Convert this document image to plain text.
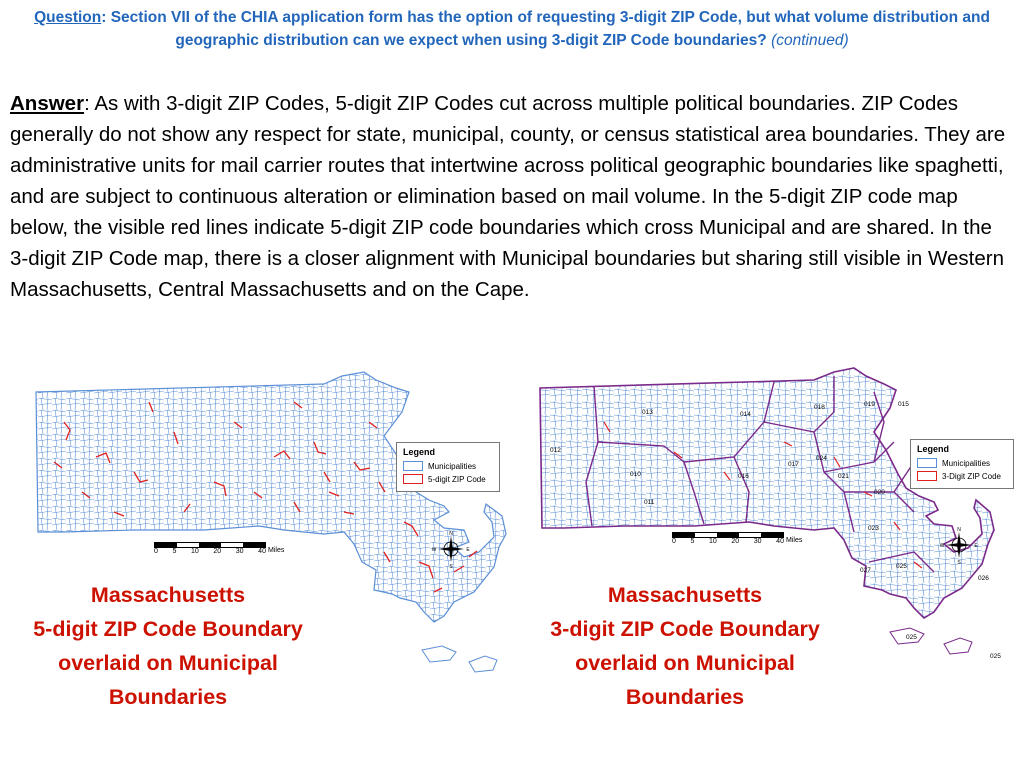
Question: Section VII of the CHIA application form has the option of requesting 3-digit ZIP Code, but what volume distribution and geographic distribution can we expect when using 3-digit ZIP Code boundaries? (continued)
Answer: As with 3-digit ZIP Codes, 5-digit ZIP Codes cut across multiple political boundaries. ZIP Codes generally do not show any respect for state, municipal, county, or census statistical area boundaries. They are administrative units for mail carrier routes that intertwine across political geographic boundaries like spaghetti, and are subject to continuous alteration or elimination based on mail volume. In the 5-digit ZIP code map below, the visible red lines indicate 5-digit ZIP code boundaries which cross Municipal and are shared. In the 3-digit ZIP Code map, there is a closer alignment with Municipal boundaries but sharing still visible in Western Massachusetts, Central Massachusetts and on the Cape.
Legend
Municipalities
5-digit ZIP Code
0 5 10 20 30 40 Miles
N
S
E
W
012
013	014
018	019	015
010	016
017
024
021
020
011
023
027
025
026
025
025
Legend
Municipalities
3-Digit ZIP Code
0 5 10 20 30 40 Miles
N
S
E
W
Massachusetts
5-digit ZIP Code Boundary
overlaid on Municipal
Boundaries
Massachusetts
3-digit ZIP Code Boundary
overlaid on Municipal
Boundaries
